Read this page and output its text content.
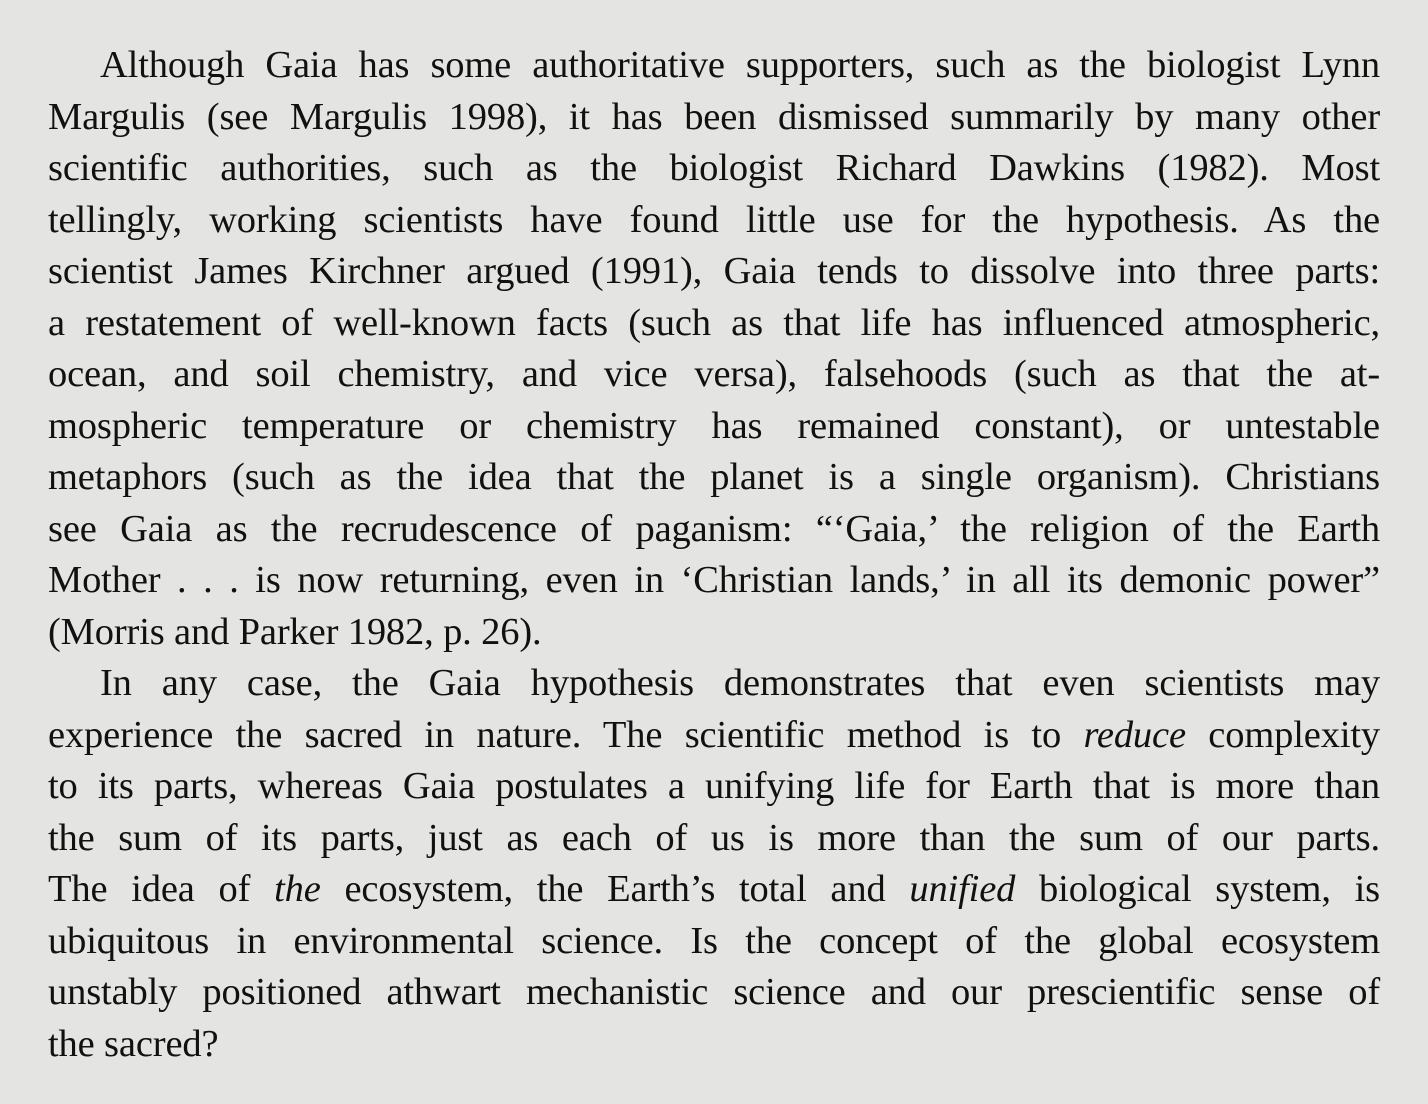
Although Gaia has some authoritative supporters, such as the biologist Lynn
Margulis (see Margulis 1998), it has been dismissed summarily by many other
scientific authorities, such as the biologist Richard Dawkins (1982). Most
tellingly, working scientists have found little use for the hypothesis. As the
scientist James Kirchner argued (1991), Gaia tends to dissolve into three parts:
a restatement of well-known facts (such as that life has influenced atmospheric,
ocean, and soil chemistry, and vice versa), falsehoods (such as that the at-
mospheric temperature or chemistry has remained constant), or untestable
metaphors (such as the idea that the planet is a single organism). Christians
see Gaia as the recrudescence of paganism: “‘Gaia,’ the religion of the Earth
Mother . . . is now returning, even in ‘Christian lands,’ in all its demonic power”
(Morris and Parker 1982, p. 26).
In any case, the Gaia hypothesis demonstrates that even scientists may
experience the sacred in nature. The scientific method is to reduce complexity
to its parts, whereas Gaia postulates a unifying life for Earth that is more than
the sum of its parts, just as each of us is more than the sum of our parts.
The idea of the ecosystem, the Earth’s total and unified biological system, is
ubiquitous in environmental science. Is the concept of the global ecosystem
unstably positioned athwart mechanistic science and our prescientific sense of
the sacred?
